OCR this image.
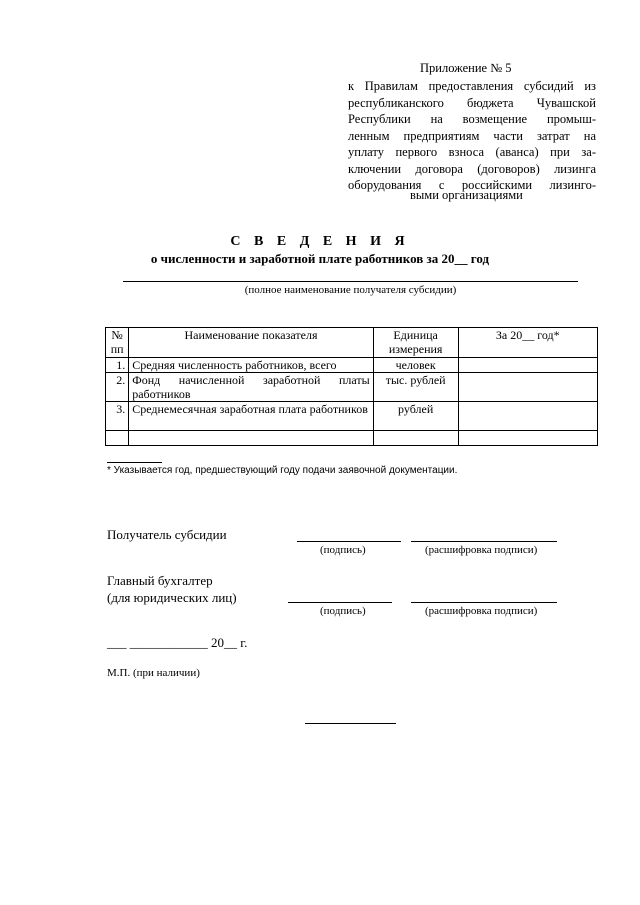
Приложение № 5
к Правилам предоставления субсидий из
республиканского бюджета Чувашской
Республики на возмещение промыш-
ленным предприятиям части затрат на
уплату первого взноса (аванса) при за-
ключении договора (договоров) лизинга
оборудования с российскими лизинго-
выми организациями
С В Е Д Е Н И Я
о численности и заработной плате работников за 20__ год
(полное наименование получателя субсидии)
№ пп	Наименование показателя	Единица измерения	За 20__ год*
1.	Средняя численность работников, всего	человек	
2.	Фонд начисленной заработной платы работников	тыс. рублей	
3.	Среднемесячная заработная плата работников	рублей	

* Указывается год, предшествующий году подачи заявочной документации.
Получатель субсидии
(подпись)	(расшифровка подписи)
Главный бухгалтер
(для юридических лиц)
(подпись)	(расшифровка подписи)
___ ____________ 20__ г.
М.П. (при наличии)
